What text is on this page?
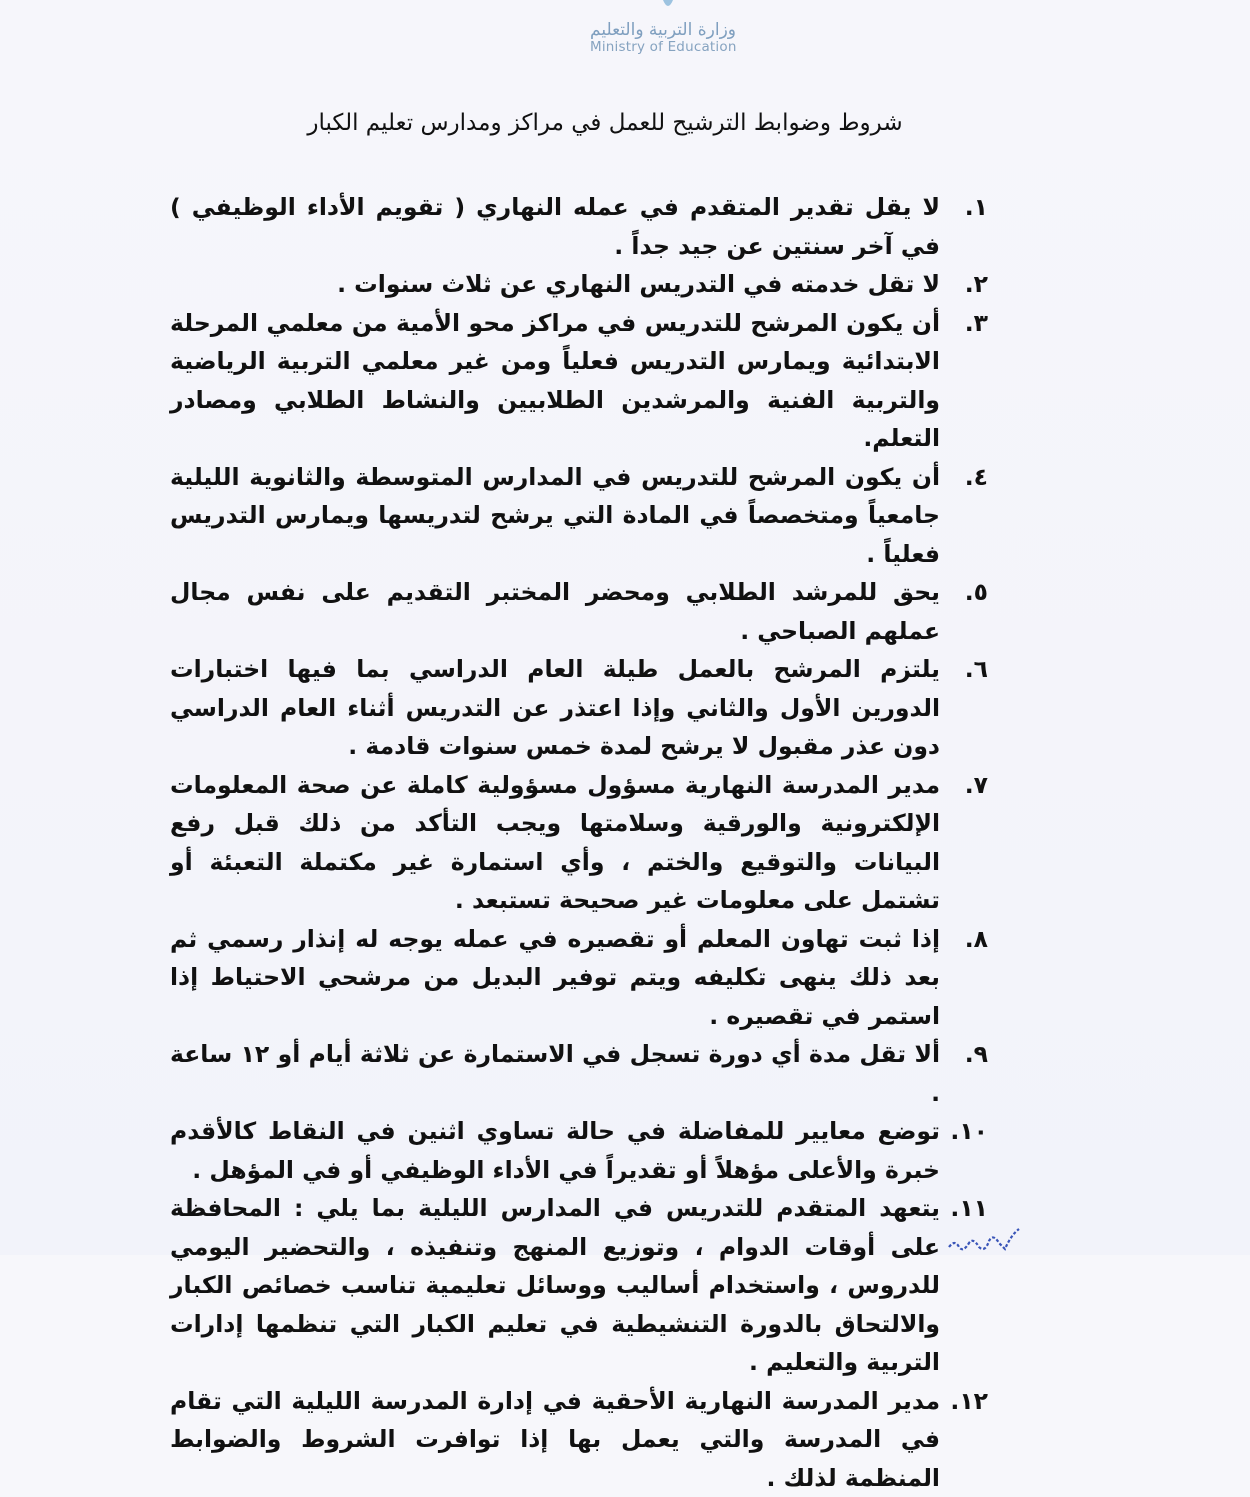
وزارة التربية والتعليم
Ministry of Education
شروط وضوابط الترشيح للعمل في مراكز ومدارس تعليم الكبار
١.
لا يقل تقدير المتقدم في عمله النهاري ( تقويم الأداء الوظيفي ) في آخر سنتين عن جيد جداً .
٢.
لا تقل خدمته في التدريس النهاري عن ثلاث سنوات .
٣.
أن يكون المرشح للتدريس في مراكز محو الأمية من معلمي المرحلة الابتدائية ويمارس التدريس فعلياً ومن غير معلمي التربية الرياضية والتربية الفنية والمرشدين الطلابيين والنشاط الطلابي ومصادر التعلم.
٤.
أن يكون المرشح للتدريس في المدارس المتوسطة والثانوية الليلية جامعياً ومتخصصاً في المادة التي يرشح لتدريسها ويمارس التدريس فعلياً .
٥.
يحق للمرشد الطلابي ومحضر المختبر التقديم على نفس مجال عملهم الصباحي .
٦.
يلتزم المرشح بالعمل طيلة العام الدراسي بما فيها اختبارات الدورين الأول والثاني وإذا اعتذر عن التدريس أثناء العام الدراسي دون عذر مقبول لا يرشح لمدة خمس سنوات قادمة .
٧.
مدير المدرسة النهارية مسؤول مسؤولية كاملة عن صحة المعلومات الإلكترونية والورقية وسلامتها ويجب التأكد من ذلك قبل رفع البيانات والتوقيع والختم ، وأي استمارة غير مكتملة التعبئة أو تشتمل على معلومات غير صحيحة تستبعد .
٨.
إذا ثبت تهاون المعلم أو تقصيره في عمله يوجه له إنذار رسمي ثم بعد ذلك ينهى تكليفه ويتم توفير البديل من مرشحي الاحتياط إذا استمر في تقصيره .
٩.
ألا تقل مدة أي دورة تسجل في الاستمارة عن ثلاثة أيام أو ١٢ ساعة .
١٠.
توضع معايير للمفاضلة في حالة تساوي اثنين في النقاط كالأقدم خبرة والأعلى مؤهلاً أو تقديراً في الأداء الوظيفي أو في المؤهل .
١١.
يتعهد المتقدم للتدريس في المدارس الليلية بما يلي : المحافظة على أوقات الدوام ، وتوزيع المنهج وتنفيذه ، والتحضير اليومي للدروس ، واستخدام أساليب ووسائل تعليمية تناسب خصائص الكبار والالتحاق بالدورة التنشيطية في تعليم الكبار التي تنظمها إدارات التربية والتعليم .
١٢.
مدير المدرسة النهارية الأحقية في إدارة المدرسة الليلية التي تقام في المدرسة والتي يعمل بها إذا توافرت الشروط والضوابط المنظمة لذلك .
